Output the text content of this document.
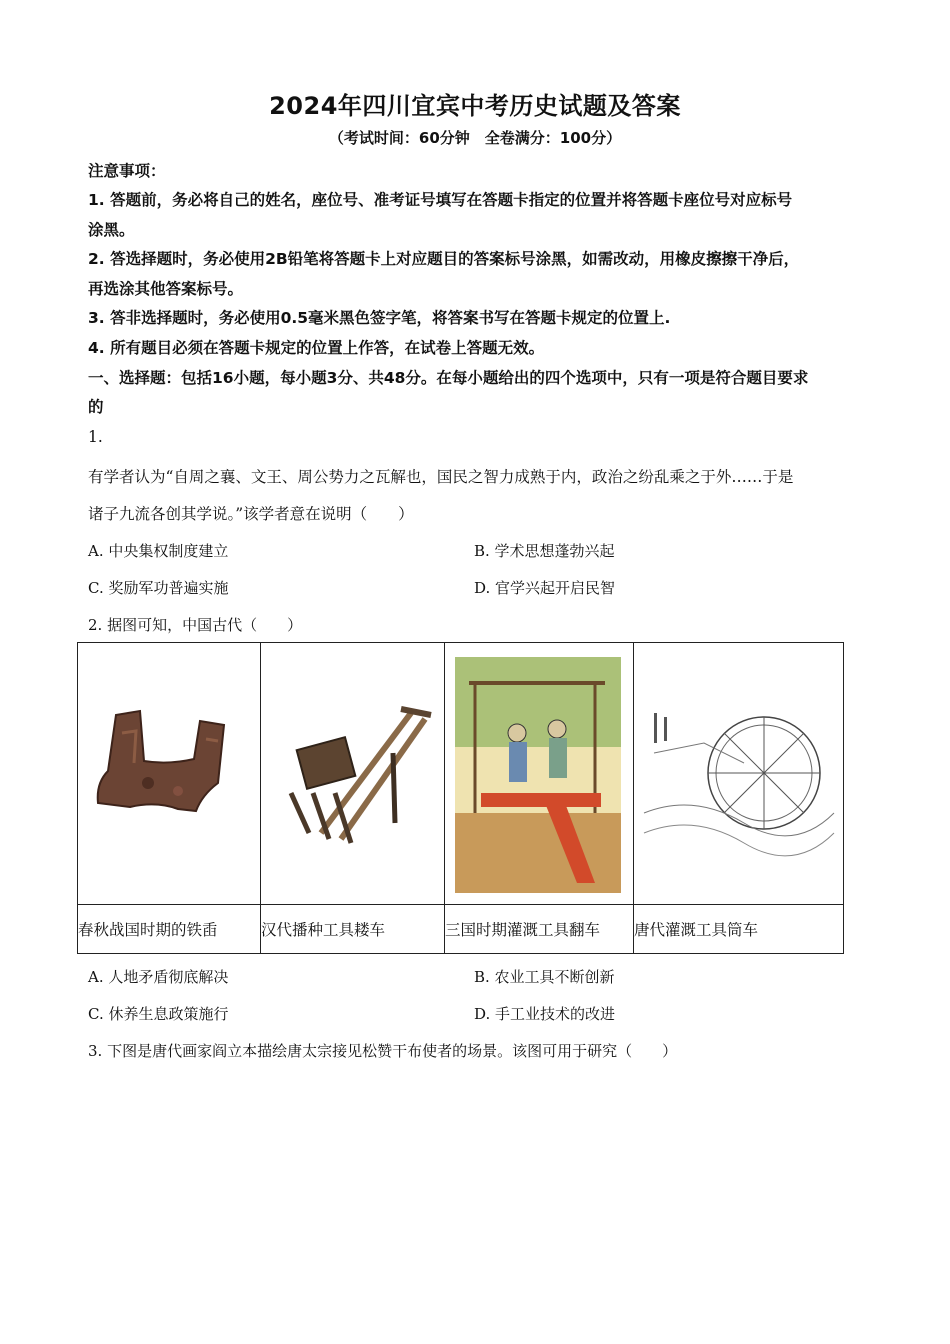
2024年四川宜宾中考历史试题及答案
（考试时间：60分钟　全卷满分：100分）
注意事项：
1. 答题前，务必将自己的姓名，座位号、准考证号填写在答题卡指定的位置并将答题卡座位号对应标号
涂黑。
2. 答选择题时，务必使用2B铅笔将答题卡上对应题目的答案标号涂黑，如需改动，用橡皮擦擦干净后，
再选涂其他答案标号。
3. 答非选择题时，务必使用0.5毫米黑色签字笔，将答案书写在答题卡规定的位置上.
4. 所有题目必须在答题卡规定的位置上作答，在试卷上答题无效。
一、选择题：包括16小题，每小题3分、共48分。在每小题给出的四个选项中，只有一项是符合题目要求
的
1.
有学者认为“自周之襄、文王、周公势力之瓦解也，国民之智力成熟于内，政治之纷乱乘之于外……于是
诸子九流各创其学说。”该学者意在说明（　　）
A. 中央集权制度建立	B. 学术思想蓬勃兴起
C. 奖励军功普遍实施	D. 官学兴起开启民智
2. 据图可知，中国古代（　　）

春秋战国时期的铁臿	汉代播种工具耧车	三国时期灌溉工具翻车	唐代灌溉工具筒车
A. 人地矛盾彻底解决	B. 农业工具不断创新
C. 休养生息政策施行	D. 手工业技术的改进
3. 下图是唐代画家阎立本描绘唐太宗接见松赞干布使者的场景。该图可用于研究（　　）
